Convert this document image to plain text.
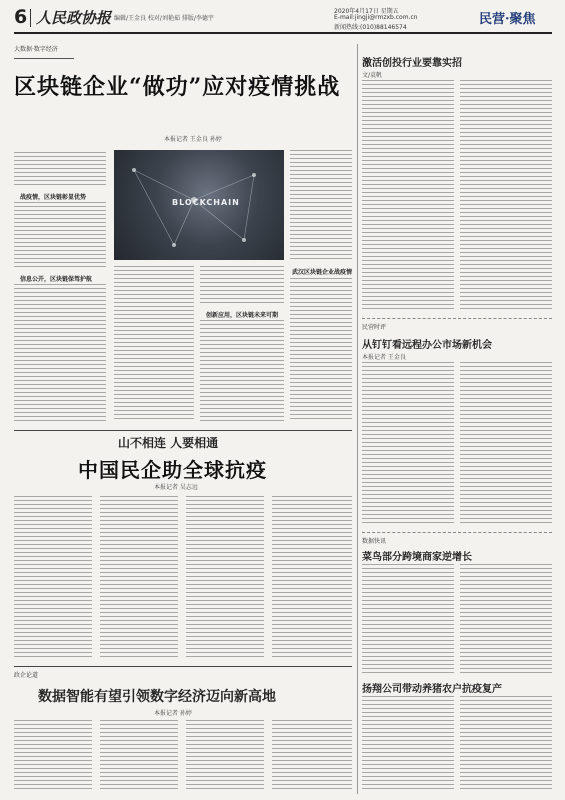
6 人民政协报 编辑/王金良 校对/刘艳茹 排版/李德宇
2020年4月17日 星期五
E-mail:jingji@rmzxb.com.cn
新闻热线:(010)88146574
民营·聚焦
大数据·数字经济
区块链企业“做功”应对疫情挑战
本报记者 王金良 孙婷
战疫情，区块链彰显优势
信息公开，区块链保驾护航
BLOCKCHAIN
创新应用，区块链未来可期
武汉区块链企业战疫情
激活创投行业要靠实招
文/袁帆
民营时评
从钉钉看远程办公市场新机会
本报记者 王金良
数据快讯
菜鸟部分跨境商家逆增长
扬翔公司带动养猪农户抗疫复产
山不相连 人要相通
中国民企助全球抗疫
本报记者 吴志远
政企论道
数据智能有望引领数字经济迈向新高地
本报记者 孙婷
